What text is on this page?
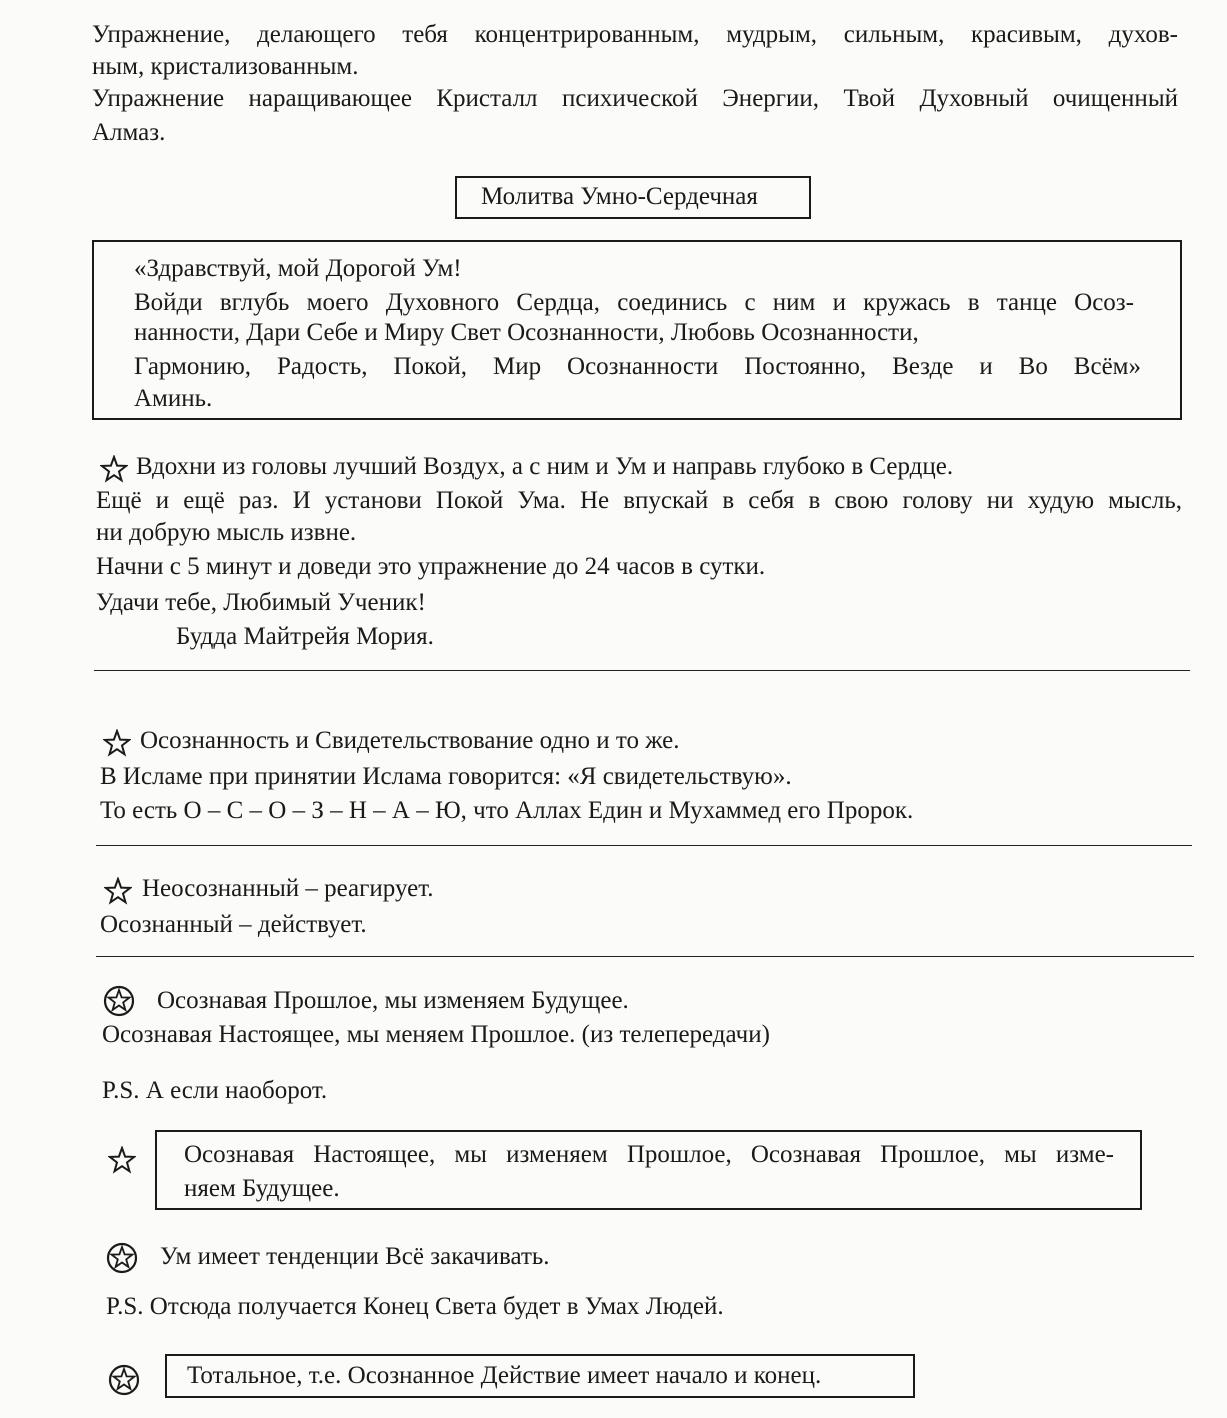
Упражнение, делающего тебя концентрированным, мудрым, сильным, красивым, духов-
ным, кристализованным.
Упражнение наращивающее Кристалл психической Энергии, Твой Духовный очищенный
Алмаз.
Молитва Умно-Сердечная
«Здравствуй, мой Дорогой Ум!
Войди вглубь моего Духовного Сердца, соединись с ним и кружась в танце Осоз-
нанности, Дари Себе и Миру Свет Осознанности, Любовь Осознанности,
Гармонию, Радость, Покой, Мир Осознанности Постоянно, Везде и Во Всём»
Аминь.
Вдохни из головы лучший Воздух, а с ним и Ум и направь глубоко в Сердце.
Ещё и ещё раз. И установи Покой Ума. Не впускай в себя в свою голову ни худую мысль,
ни добрую мысль извне.
Начни с 5 минут и доведи это упражнение до 24 часов в сутки.
Удачи тебе, Любимый Ученик!
Будда Майтрейя Мория.
Осознанность и Свидетельствование одно и то же.
В Исламе при принятии Ислама говорится: «Я свидетельствую».
То есть О – С – О – З – Н – А – Ю, что Аллах Един и Мухаммед его Пророк.
Неосознанный – реагирует.
Осознанный – действует.
Осознавая Прошлое, мы изменяем Будущее.
Осознавая Настоящее, мы меняем Прошлое. (из телепередачи)
P.S. А если наоборот.
Осознавая Настоящее, мы изменяем Прошлое, Осознавая Прошлое, мы изме-
няем Будущее.
Ум имеет тенденции Всё закачивать.
P.S. Отсюда получается Конец Света будет в Умах Людей.
Тотальное, т.е. Осознанное Действие имеет начало и конец.
